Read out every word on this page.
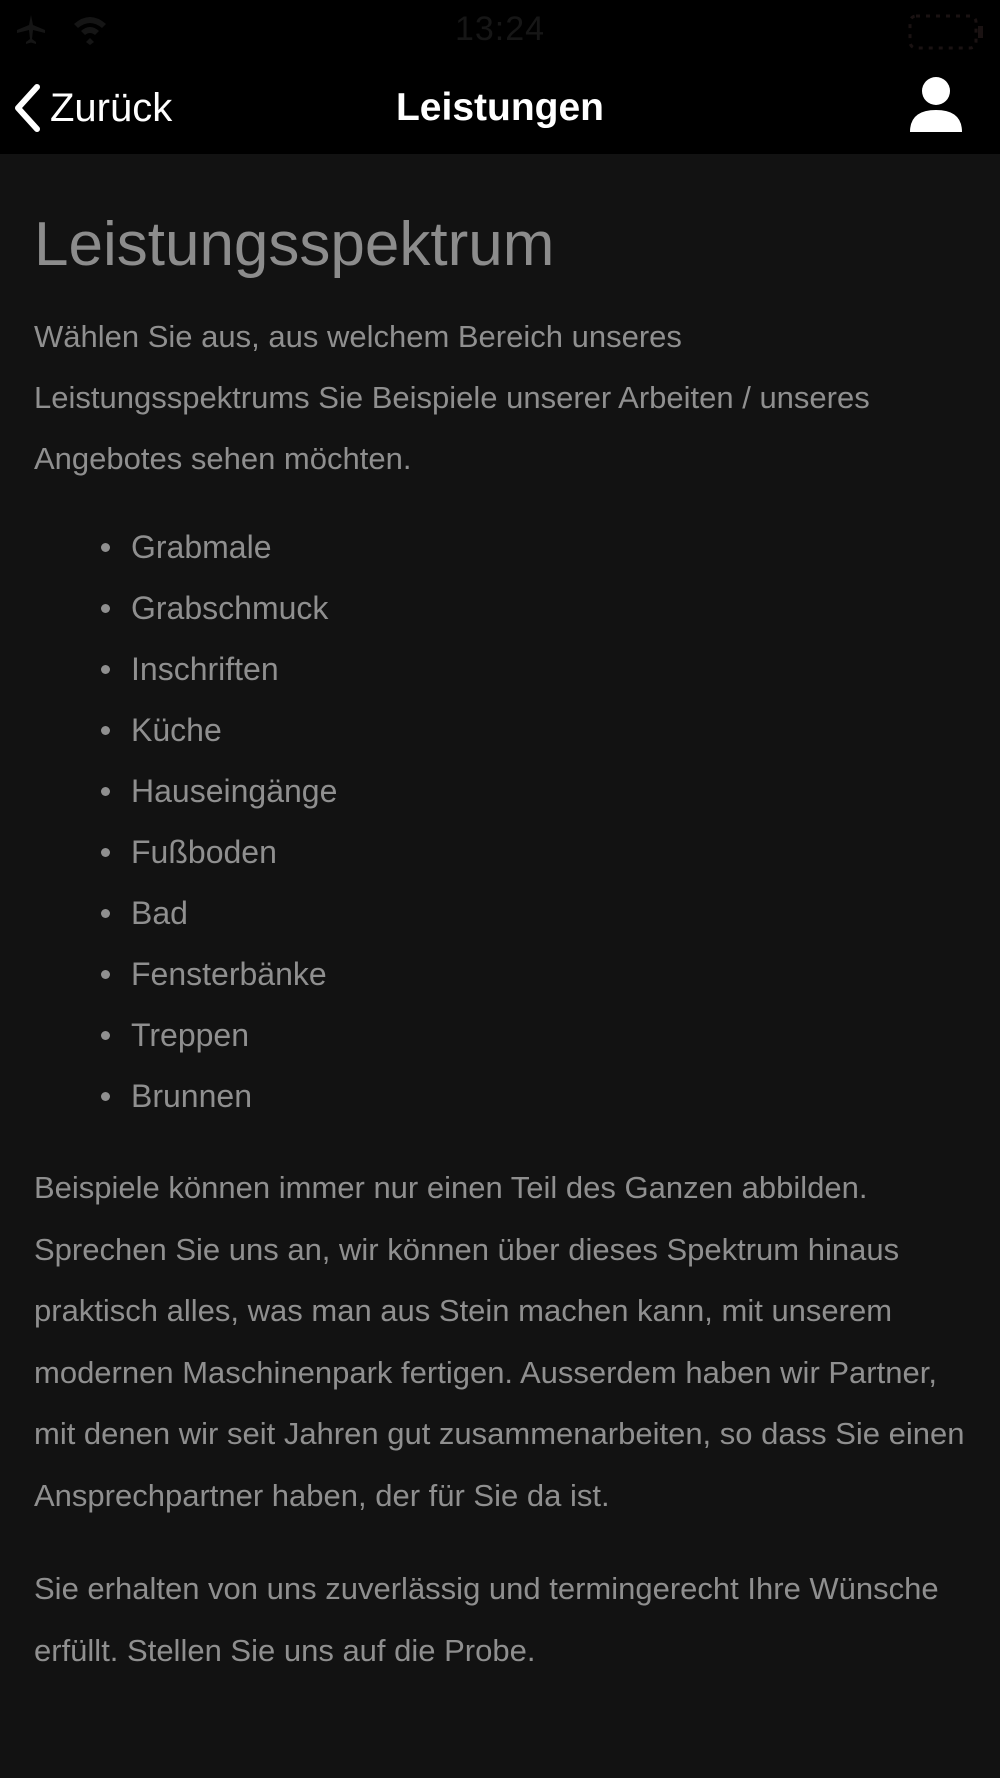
13:24
Zurück	Leistungen
Leistungsspektrum

Wählen Sie aus, aus welchem Bereich unseres Leistungsspektrums Sie Beispiele unserer Arbeiten / unseres Angebotes sehen möchten.

Grabmale
Grabschmuck
Inschriften
Küche
Hauseingänge
Fußboden
Bad
Fensterbänke
Treppen
Brunnen

Beispiele können immer nur einen Teil des Ganzen abbilden. Sprechen Sie uns an, wir können über dieses Spektrum hinaus praktisch alles, was man aus Stein machen kann, mit unserem modernen Maschinenpark fertigen. Ausserdem haben wir Partner, mit denen wir seit Jahren gut zusammenarbeiten, so dass Sie einen Ansprechpartner haben, der für Sie da ist.

Sie erhalten von uns zuverlässig und termingerecht Ihre Wünsche erfüllt. Stellen Sie uns auf die Probe.
